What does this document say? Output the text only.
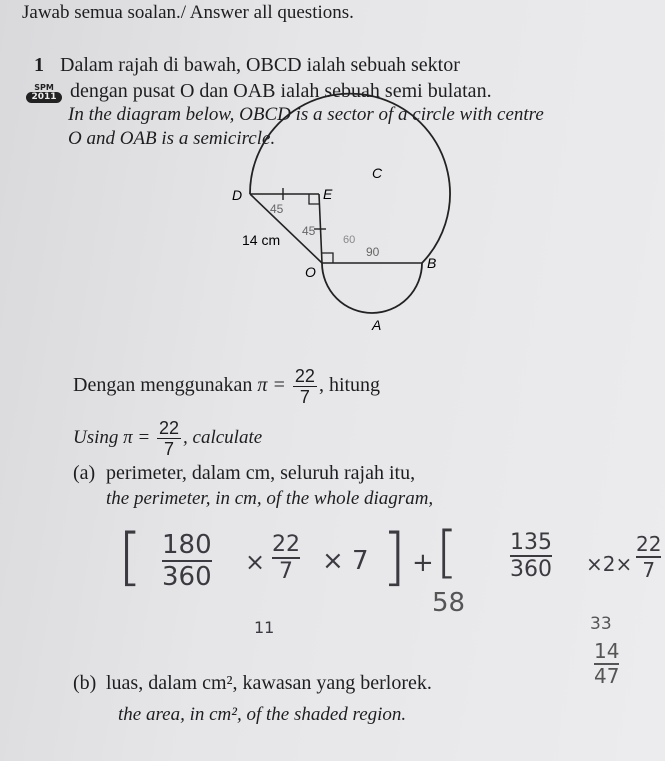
Jawab semua soalan./ Answer all questions.
1 Dalam rajah di bawah, OBCD ialah sebuah sektor
SPM
2011 dengan pusat O dan OAB ialah sebuah semi bulatan.
In the diagram below, OBCD is a sector of a circle with centre
O and OAB is a semicircle.
C
D	E
O
B
A
14 cm
45
45
60
90
Dengan menggunakan $\pi = \frac{22}{7}$ , hitung
Using $\pi = \frac{22}{7}$ , calculate
(a) perimeter, dalam cm, seluruh rajah itu,
the perimeter, in cm, of the whole diagram,
[ $\frac{180}{360} \times \frac{22}{7} \times 7$ ] + [ $\frac{135}{360} \times 2\times \frac{22}{7}$
11
58
33
14
47
(b) luas, dalam cm², kawasan yang berlorek.
the area, in cm², of the shaded region.
